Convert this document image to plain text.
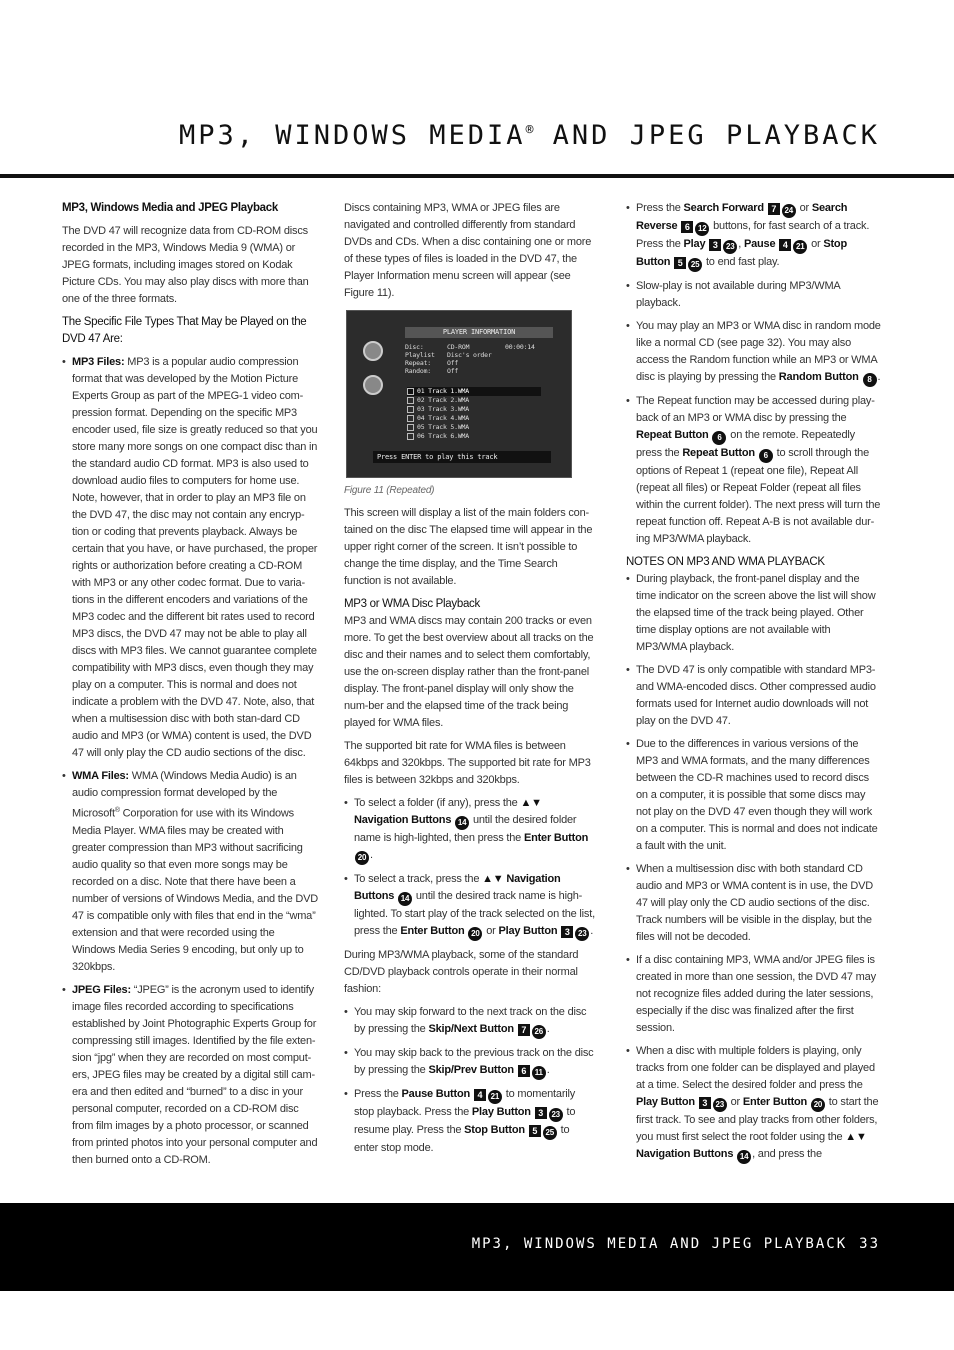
MP3, WINDOWS MEDIA® AND JPEG PLAYBACK

MP3, Windows Media and JPEG Playback

The DVD 47 will recognize data from CD-ROM discs recorded in the MP3, Windows Media 9 (WMA) or JPEG formats, including images stored on Kodak Picture CDs. You may also play discs with more than one of the three formats.

The Specific File Types That May be Played on the DVD 47 Are:

• MP3 Files: MP3 is a popular audio compression format that was developed by the Motion Picture Experts Group as part of the MPEG-1 video com-pression format. Depending on the specific MP3 encoder used, file size is greatly reduced so that you store many more songs on one compact disc than in the standard audio CD format. MP3 is also used to download audio files to computers for home use. Note, however, that in order to play an MP3 file on the DVD 47, the disc may not contain any encryp-tion or coding that prevents playback. Always be certain that you have, or have purchased, the proper rights or authorization before creating a CD-ROM with MP3 or any other codec format. Due to varia-tions in the different encoders and variations of the MP3 codec and the different bit rates used to record MP3 discs, the DVD 47 may not be able to play all discs with MP3 files. We cannot guarantee complete compatibility with MP3 discs, even though they may play on a computer. This is normal and does not indicate a problem with the DVD 47. Note, also, that when a multisession disc with both stan-dard CD audio and MP3 (or WMA) content is used, the DVD 47 will only play the CD audio sections of the disc.
• WMA Files: WMA (Windows Media Audio) is an audio compression format developed by the Microsoft® Corporation for use with its Windows Media Player. WMA files may be created with greater compression than MP3 without sacrificing audio quality so that even more songs may be recorded on a disc. Note that there have been a number of versions of Windows Media, and the DVD 47 is compatible only with files that end in the “wma” extension and that were recorded using the Windows Media Series 9 encoding, but only up to 320kbps.
• JPEG Files: “JPEG” is the acronym used to identify image files recorded according to specifications established by Joint Photographic Experts Group for compressing still images. Identified by the file exten-sion “jpg” when they are recorded on most comput-ers, JPEG files may be created by a digital still cam-era and then edited and “burned” to a disc in your personal computer, recorded on a CD-ROM disc from film images by a photo processor, or scanned from printed photos into your personal computer and then burned onto a CD-ROM.

Discs containing MP3, WMA or JPEG files are navigated and controlled differently from standard DVDs and CDs. When a disc containing one or more of these types of files is loaded in the DVD 47, the Player Information menu screen will appear (see Figure 11).

PLAYER INFORMATION
Disc:	CD-ROM	00:00:14
Playlist	Disc's order
Repeat:	Off
Random:	Off
01 Track 1.WMA
02 Track 2.WMA
03 Track 3.WMA
04 Track 4.WMA
05 Track 5.WMA
06 Track 6.WMA
Press ENTER to play this track

Figure 11 (Repeated)

This screen will display a list of the main folders con-tained on the disc The elapsed time will appear in the upper right corner of the screen. It isn’t possible to change the time display, and the Time Search function is not available.

MP3 or WMA Disc Playback

MP3 and WMA discs may contain 200 tracks or even more. To get the best overview about all tracks on the disc and their names and to select them comfortably, use the on-screen display rather than the front-panel display. The front-panel display will only show the num-ber and the elapsed time of the track being played for WMA files.

The supported bit rate for WMA files is between 64kbps and 320kbps. The supported bit rate for MP3 files is between 32kbps and 320kbps.

• To select a folder (if any), press the ▲▼ Navigation Buttons 14 until the desired folder name is high-lighted, then press the Enter Button 20 .
• To select a track, press the ▲▼ Navigation Buttons 14 until the desired track name is high-lighted. To start play of the track selected on the list, press the Enter Button 20 or Play Button 3 23 .

During MP3/WMA playback, some of the standard CD/DVD playback controls operate in their normal fashion:

• You may skip forward to the next track on the disc by pressing the Skip/Next Button 7 26 .
• You may skip back to the previous track on the disc by pressing the Skip/Prev Button 6 11 .
• Press the Pause Button 4 21 to momentarily stop playback. Press the Play Button 3 23 to resume play. Press the Stop Button 5 25 to enter stop mode.
• Press the Search Forward 7 24 or Search Reverse 6 12 buttons, for fast search of a track. Press the Play 3 23 , Pause 4 21 or Stop Button 5 25 to end fast play.
• Slow-play is not available during MP3/WMA playback.
• You may play an MP3 or WMA disc in random mode like a normal CD (see page 32). You may also access the Random function while an MP3 or WMA disc is playing by pressing the Random Button 8 .
• The Repeat function may be accessed during play-back of an MP3 or WMA disc by pressing the Repeat Button 6 on the remote. Repeatedly press the Repeat Button 6 to scroll through the options of Repeat 1 (repeat one file), Repeat All (repeat all files) or Repeat Folder (repeat all files within the current folder). The next press will turn the repeat function off. Repeat A-B is not available dur-ing MP3/WMA playback.

NOTES ON MP3 AND WMA PLAYBACK

• During playback, the front-panel display and the time indicator on the screen above the list will show the elapsed time of the track being played. Other time display options are not available with MP3/WMA playback.
• The DVD 47 is only compatible with standard MP3- and WMA-encoded discs. Other compressed audio formats used for Internet audio downloads will not play on the DVD 47.
• Due to the differences in various versions of the MP3 and WMA formats, and the many differences between the CD-R machines used to record discs on a computer, it is possible that some discs may not play on the DVD 47 even though they will work on a computer. This is normal and does not indicate a fault with the unit.
• When a multisession disc with both standard CD audio and MP3 or WMA content is in use, the DVD 47 will play only the CD audio sections of the disc. Track numbers will be visible in the display, but the files will not be decoded.
• If a disc containing MP3, WMA and/or JPEG files is created in more than one session, the DVD 47 may not recognize files added during the later sessions, especially if the disc was finalized after the first session.
• When a disc with multiple folders is playing, only tracks from one folder can be displayed and played at a time. Select the desired folder and press the Play Button 3 23 or Enter Button 20 to start the first track. To see and play tracks from other folders, you must first select the root folder using the ▲▼ Navigation Buttons 14 , and press the
MP3, WINDOWS MEDIA AND JPEG PLAYBACK 33
